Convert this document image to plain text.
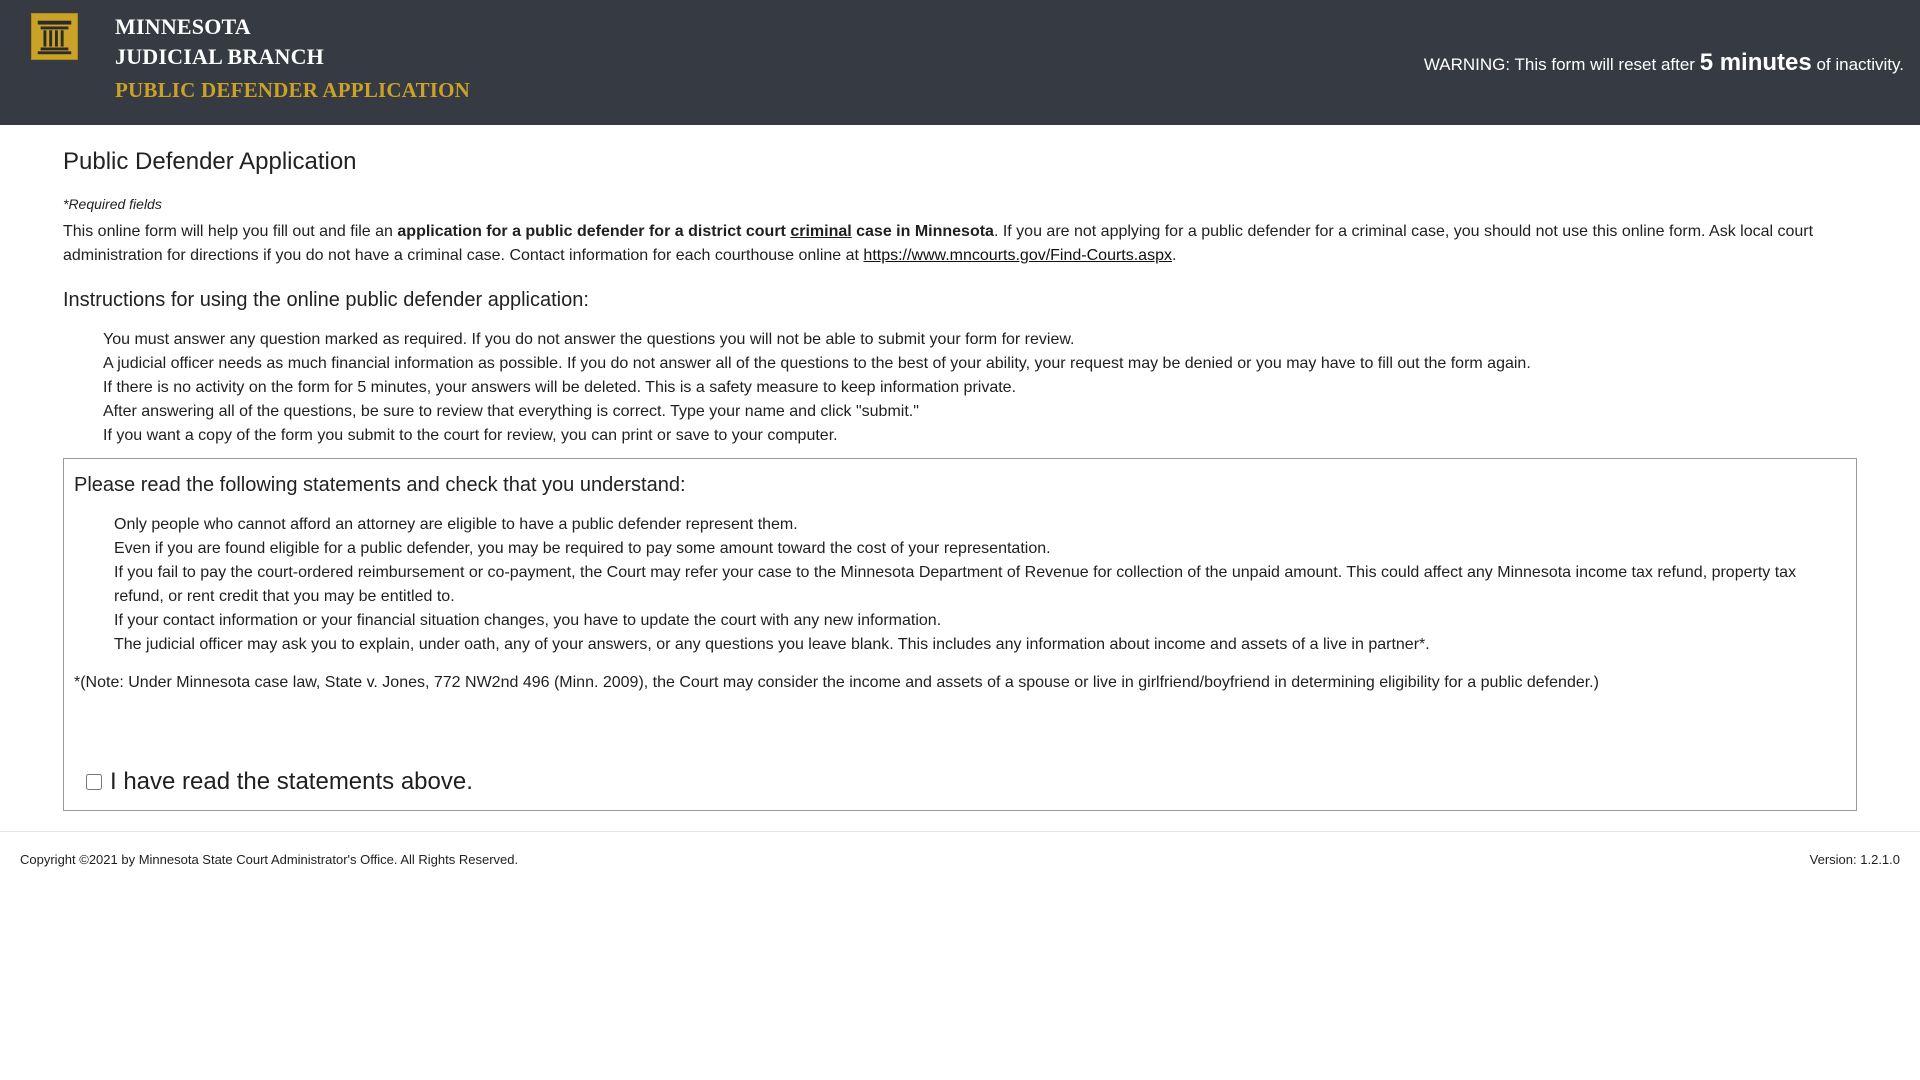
MINNESOTA
JUDICIAL BRANCH
PUBLIC DEFENDER APPLICATION
WARNING: This form will reset after 5 minutes of inactivity.
Public Defender Application

*Required fields

This online form will help you fill out and file an application for a public defender for a district court criminal case in Minnesota. If you are not applying for a public defender for a criminal case, you should not use this online form. Ask local court administration for directions if you do not have a criminal case. Contact information for each courthouse online at https://www.mncourts.gov/Find-Courts.aspx.

Instructions for using the online public defender application:
You must answer any question marked as required. If you do not answer the questions you will not be able to submit your form for review.
A judicial officer needs as much financial information as possible. If you do not answer all of the questions to the best of your ability, your request may be denied or you may have to fill out the form again.
If there is no activity on the form for 5 minutes, your answers will be deleted. This is a safety measure to keep information private.
After answering all of the questions, be sure to review that everything is correct. Type your name and click "submit."
If you want a copy of the form you submit to the court for review, you can print or save to your computer.
Please read the following statements and check that you understand:
Only people who cannot afford an attorney are eligible to have a public defender represent them.
Even if you are found eligible for a public defender, you may be required to pay some amount toward the cost of your representation.
If you fail to pay the court-ordered reimbursement or co-payment, the Court may refer your case to the Minnesota Department of Revenue for collection of the unpaid amount. This could affect any Minnesota income tax refund, property tax refund, or rent credit that you may be entitled to.
If your contact information or your financial situation changes, you have to update the court with any new information.
The judicial officer may ask you to explain, under oath, any of your answers, or any questions you leave blank. This includes any information about income and assets of a live in partner*.

*(Note: Under Minnesota case law, State v. Jones, 772 NW2nd 496 (Minn. 2009), the Court may consider the income and assets of a spouse or live in girlfriend/boyfriend in determining eligibility for a public defender.)

I have read the statements above.
Copyright ©2021 by Minnesota State Court Administrator's Office. All Rights Reserved.	Version: 1.2.1.0
